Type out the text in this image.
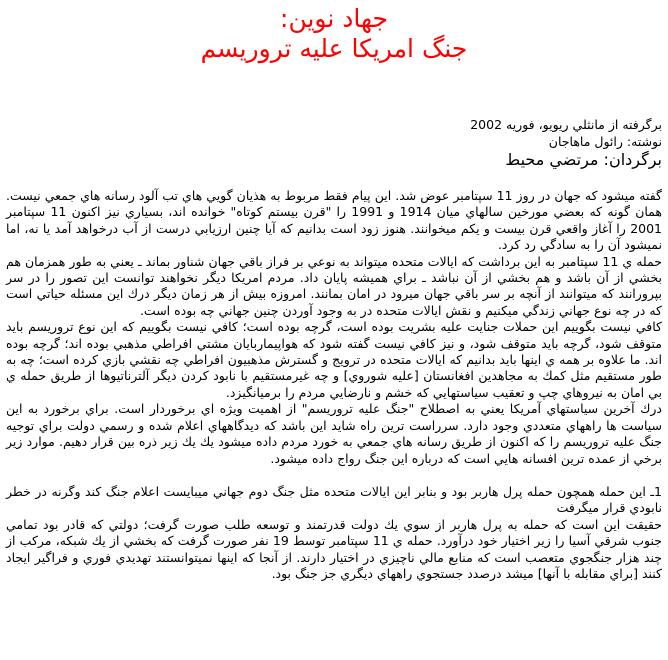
جهاد نوين:
جنگ امريكا عليه تروريسم
برگرفته از مانثلي ريويو، فوريه 2002
نوشته: رائول ماهاجان
برگردان: مرتضي محيط

گفته ميشود كه جهان در روز 11 سپتامبر عوض شد. اين پيام فقط مربوط به هذيان گويي هاي تب آلود رسانه هاي جمعي نيست. همان گونه كه بعضي مورخين سالهاي ميان 1914 و 1991 را "قرن بيستم كوتاه" خوانده اند، بسياري نيز اكنون 11 سپتامبر 2001 را آغاز واقعي قرن بيست و يكم ميخوانند. هنوز زود است بدانيم كه آيا چنين ارزيابي درست از آب درخواهد آمد يا نه، اما نميشود آن را به سادگي رد كرد.

حمله ي 11 سپتامبر به اين برداشت كه ايالات متحده ميتواند به نوعي بر فراز باقي جهان شناور بماند ـ يعني به طور همزمان هم بخشي از آن باشد و هم بخشي از آن نباشد ـ براي هميشه پايان داد. مردم امريكا ديگر نخواهند توانست اين تصور را در سر بپرورانند كه ميتوانند از آنچه بر سر باقي جهان ميرود در امان بمانند. امروزه بيش از هر زمان ديگر درك اين مسئله حياتي است كه در چه نوع جهاني زندگي ميكنيم و نقش ايالات متحده در به وجود آوردن چنين جهاني چه بوده است.

كافي نيست بگوييم اين حملات جنايت عليه بشريت بوده است، گرچه بوده است؛ كافي نيست بگوييم كه اين نوع تروريسم بايد متوقف شود، گرچه بايد متوقف شود، و نيز كافي نيست گفته شود كه هواپيماربايان مشتي افراطي مذهبي بوده اند؛ گرچه بوده اند. ما علاوه بر همه ي اينها بايد بدانيم كه ايالات متحده در ترويج و گسترش مذهبيون افراطي چه نقشي بازي كرده است؛ چه به طور مستقيم مثل كمك به مجاهدين افغانستان [عليه شوروي] و چه غيرمستقيم با نابود كردن ديگر آلترناتيوها از طريق حمله ي بي امان به نيروهاي چپ و تعقيب سياستهايي كه خشم و نارضايي مردم را برميانگيزد.

درك آخرين سياستهاي آمريكا يعني به اصطلاح "جنگ عليه تروريسم" از اهميت ويژه اي برخوردار است. براي برخورد به اين سياست ها راههاي متعددي وجود دارد. سرراست ترين راه شايد اين باشد كه ديدگاههاي اعلام شده و رسمي دولت براي توجيه جنگ عليه تروريسم را كه اكنون از طريق رسانه هاي جمعي به خورد مردم داده ميشود يك يك زير ذره بين قرار دهيم. موارد زير برخي از عمده ترين افسانه هايي است كه درباره اين جنگ رواج داده ميشود.

1ـ اين حمله همچون حمله پرل هاربر بود و بنابر اين ايالات متحده مثل جنگ دوم جهاني ميبايست اعلام جنگ كند وگرنه در خطر نابودي قرار ميگرفت

حقيقت اين است كه حمله به پرل هاربر از سوي يك دولت قدرتمند و توسعه طلب صورت گرفت؛ دولتي كه قادر بود تمامي جنوب شرقي آسيا را زير اختيار خود درآورد. حمله ي 11 سپتامبر توسط 19 نفر صورت گرفت كه بخشي از يك شبكه، مركب از چند هزار جنگجوي متعصب است كه منابع مالي ناچيزي در اختيار دارند. از آنجا كه اينها نميتوانستند تهديدي فوري و فراگير ايجاد كنند [براي مقابله با آنها] ميشد درصدد جستجوي راههاي ديگري جز جنگ بود.
